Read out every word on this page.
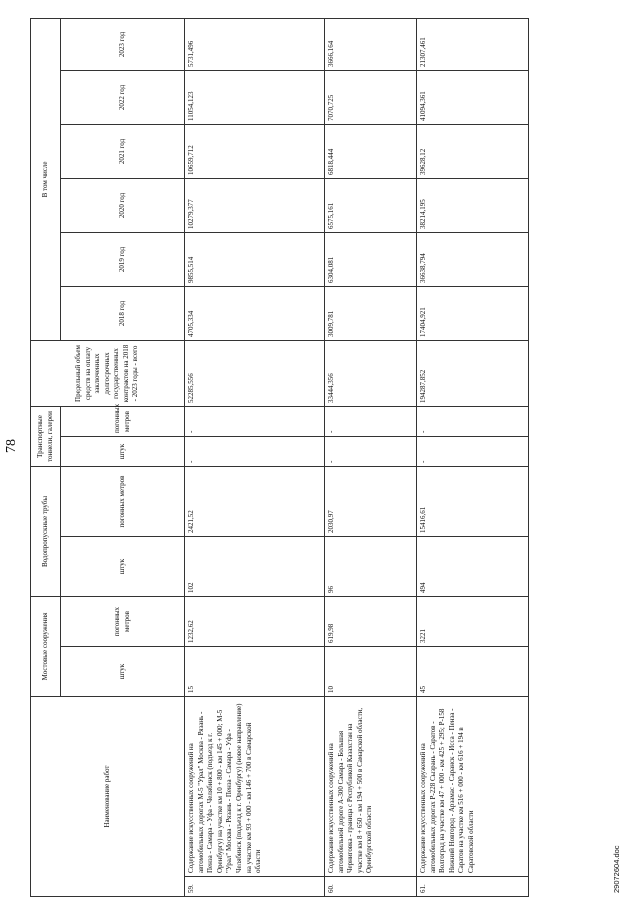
78
Наименование работ		Мостовые сооружения		Водопропускные трубы		Транспортные тоннели, галереи		Предельный объем средств на оплату заключенных долгосрочных государственных контрактов на 2018 - 2023 годы - всего	В том числе					
		штук	погонных метров	штук	погонных метров	штук	погонных метров		2018 год	2019 год	2020 год	2021 год	2022 год	2023 год

59.	Содержание искусственных сооружений на автомобильных дорогах М-5 "Урал" Москва - Рязань - Пенза - Самара - Уфа - Челябинск (подъезд к г. Оренбургу) на участке км 10 + 800 - км 145 + 000; М-5 "Урал" Москва - Рязань - Пенза - Самара - Уфа - Челябинск (подъезд к г. Оренбургу) (новое направление) на участке км 93 + 000 - км 146 + 700 в Самарской области	15	1232,62	102	2421,52	-	-	52285,556	4705,334	9855,514	10279,377	10659,712	11054,123	5731,496
60.	Содержание искусственных сооружений на автомобильной дороге А-300 Самара - Большая Черниговка - граница с Республикой Казахстан на участке км 8 + 650 - км 194 + 500 в Самарской области, Оренбургской области	10	619,98	96	2030,97	-	-	33444,356	3009,781	6304,081	6575,161	6818,444	7070,725	3666,164
61.	Содержание искусственных сооружений на автомобильных дорогах Р-228 Сызрань - Саратов - Волгоград на участке км 47 + 000 - км 425 + 295; Р-158 Нижний Новгород - Арзамас - Саранск - Исса - Пенза - Саратов на участке км 516 + 000 - км 616 + 194 в Саратовской области	45	3221	494	15416,61	-	-	194287,852	17404,921	36638,794	38214,195	39628,12	41094,361	21307,461
29072604.doc
